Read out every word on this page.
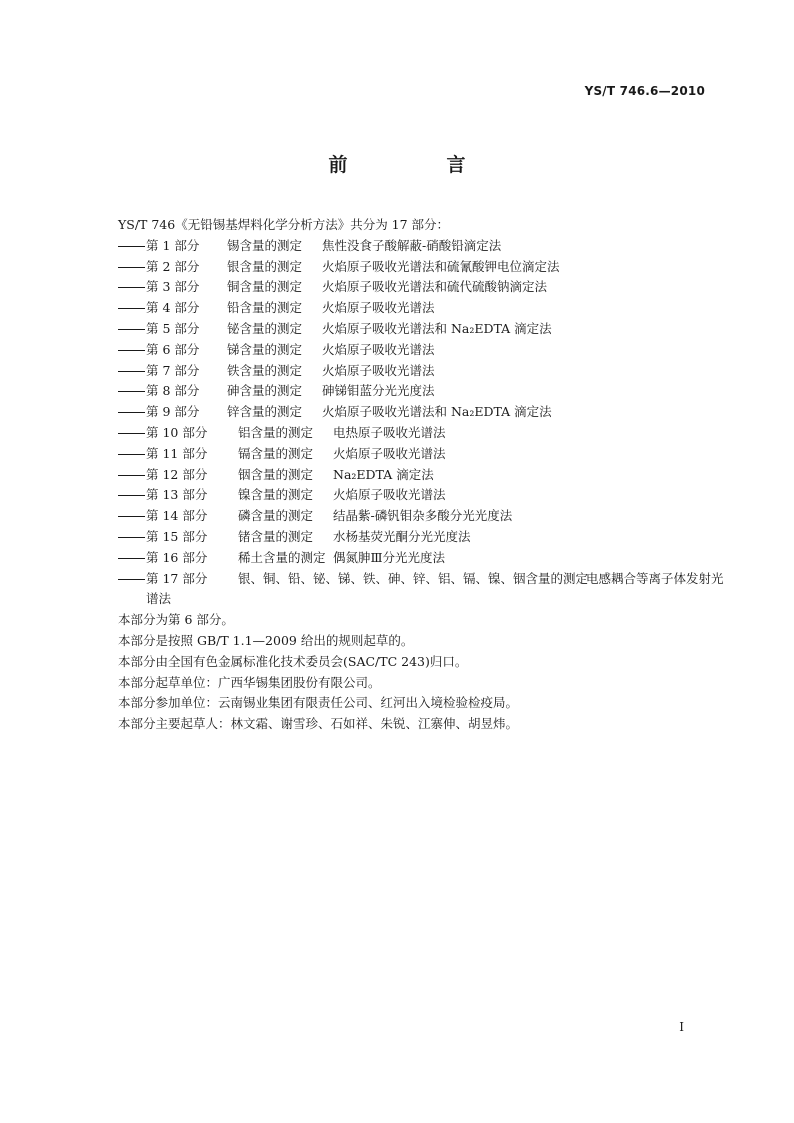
YS/T 746.6—2010
前　言
YS/T 746《无铅锡基焊料化学分析方法》共分为 17 部分：
第 1 部分	锡含量的测定	焦性没食子酸解蔽-硝酸铅滴定法
第 2 部分	银含量的测定	火焰原子吸收光谱法和硫氰酸钾电位滴定法
第 3 部分	铜含量的测定	火焰原子吸收光谱法和硫代硫酸钠滴定法
第 4 部分	铅含量的测定	火焰原子吸收光谱法
第 5 部分	铋含量的测定	火焰原子吸收光谱法和 Na₂EDTA 滴定法
第 6 部分	锑含量的测定	火焰原子吸收光谱法
第 7 部分	铁含量的测定	火焰原子吸收光谱法
第 8 部分	砷含量的测定	砷锑钼蓝分光光度法
第 9 部分	锌含量的测定	火焰原子吸收光谱法和 Na₂EDTA 滴定法
第 10 部分	铝含量的测定	电热原子吸收光谱法
第 11 部分	镉含量的测定	火焰原子吸收光谱法
第 12 部分	铟含量的测定	Na₂EDTA 滴定法
第 13 部分	镍含量的测定	火焰原子吸收光谱法
第 14 部分	磷含量的测定	结晶紫-磷钒钼杂多酸分光光度法
第 15 部分	锗含量的测定	水杨基荧光酮分光光度法
第 16 部分	稀土含量的测定 偶氮胂Ⅲ分光光度法
第 17 部分	银、铜、铅、铋、锑、铁、砷、锌、铝、镉、镍、铟含量的测定
电感耦合等离子体发射光
谱法
本部分为第 6 部分。
本部分是按照 GB/T 1.1—2009 给出的规则起草的。
本部分由全国有色金属标准化技术委员会(SAC/TC 243)归口。
本部分起草单位：广西华锡集团股份有限公司。
本部分参加单位：云南锡业集团有限责任公司、红河出入境检验检疫局。
本部分主要起草人：林文霜、谢雪珍、石如祥、朱锐、江寨伸、胡昱炜。
I
